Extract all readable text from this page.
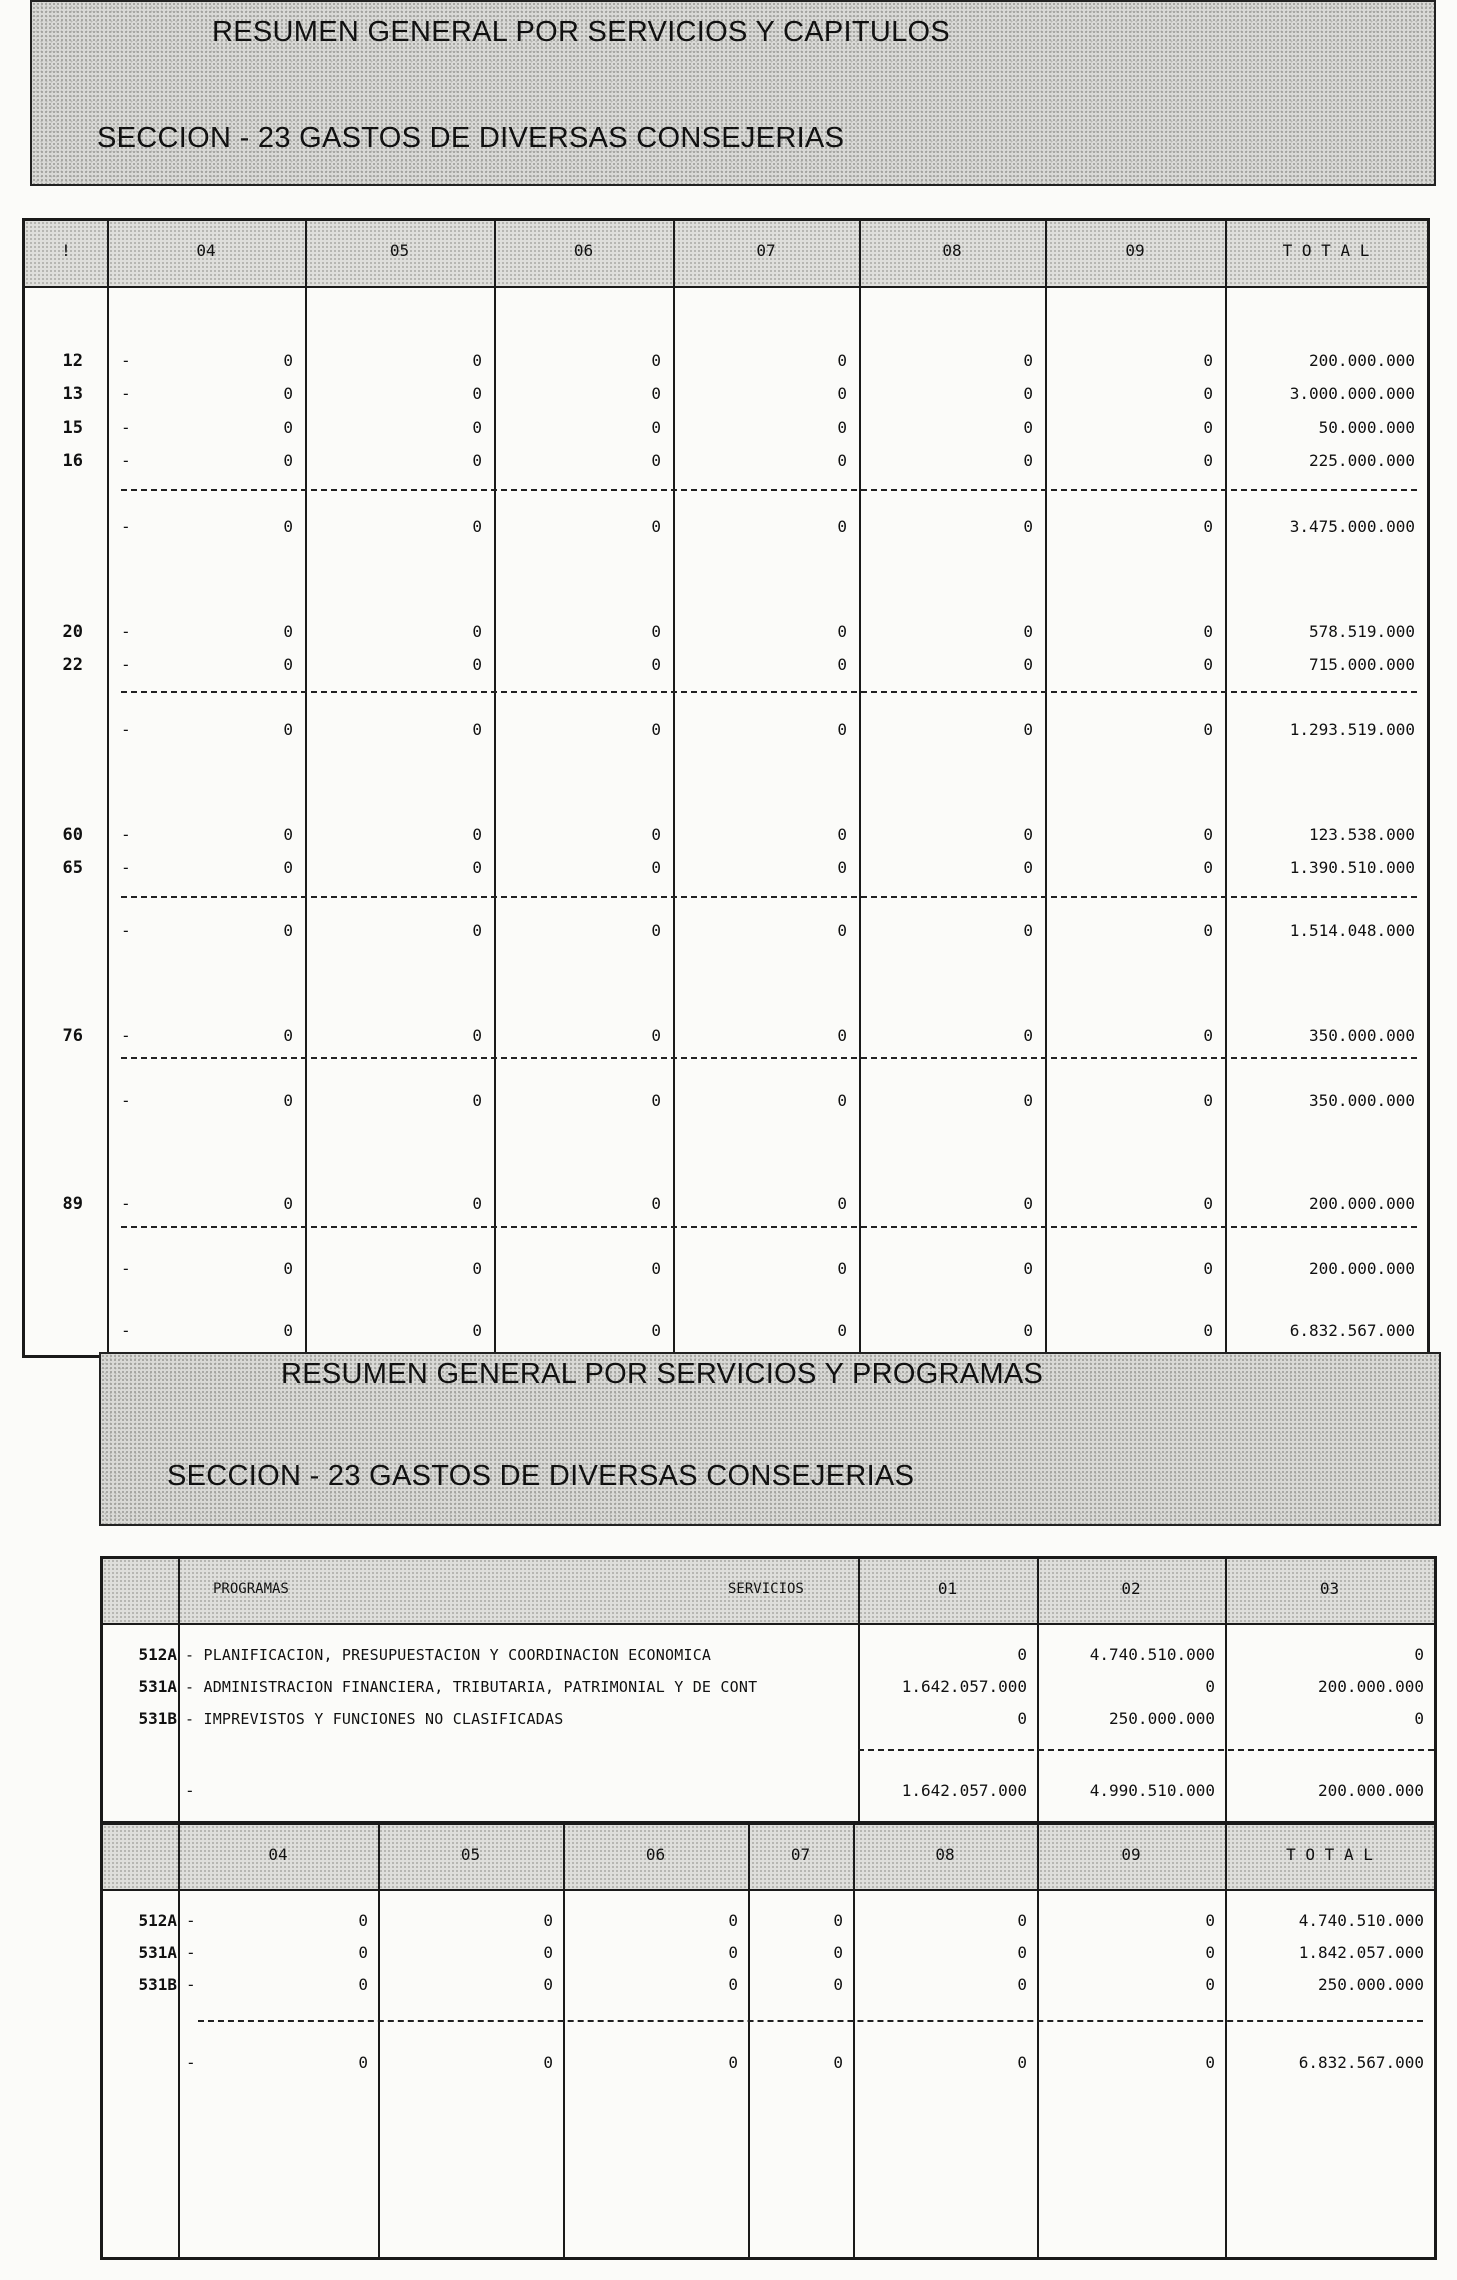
RESUMEN GENERAL POR SERVICIOS Y CAPITULOS
SECCION - 23 GASTOS DE DIVERSAS CONSEJERIAS
!	04	05	06	07	08	09	T O T A L
12 -	0	0	0	0	0	0	200.000.000
13 -	0	0	0	0	0	0	3.000.000.000
15 -	0	0	0	0	0	0	50.000.000
16 -	0	0	0	0	0	0	225.000.000
-	0	0	0	0	0	0	3.475.000.000
20 -	0	0	0	0	0	0	578.519.000
22 -	0	0	0	0	0	0	715.000.000
-	0	0	0	0	0	0	1.293.519.000
60 -	0	0	0	0	0	0	123.538.000
65 -	0	0	0	0	0	0	1.390.510.000
-	0	0	0	0	0	0	1.514.048.000
76 -	0	0	0	0	0	0	350.000.000
-	0	0	0	0	0	0	350.000.000
89 -	0	0	0	0	0	0	200.000.000
-	0	0	0	0	0	0	200.000.000
-	0	0	0	0	0	0	6.832.567.000
RESUMEN GENERAL POR SERVICIOS Y PROGRAMAS
SECCION - 23 GASTOS DE DIVERSAS CONSEJERIAS
PROGRAMAS	SERVICIOS	01	02	03
512A - PLANIFICACION, PRESUPUESTACION Y COORDINACION ECONOMICA	0	4.740.510.000	0
531A - ADMINISTRACION FINANCIERA, TRIBUTARIA, PATRIMONIAL Y DE CONT	1.642.057.000	0	200.000.000
531B - IMPREVISTOS Y FUNCIONES NO CLASIFICADAS	0	250.000.000	0
-	1.642.057.000	4.990.510.000	200.000.000
04	05	06	07	08	09	T O T A L
512A -	0	0	0	0	0	0	4.740.510.000
531A -	0	0	0	0	0	0	1.842.057.000
531B -	0	0	0	0	0	0	250.000.000
-	0	0	0	0	0	0	6.832.567.000
